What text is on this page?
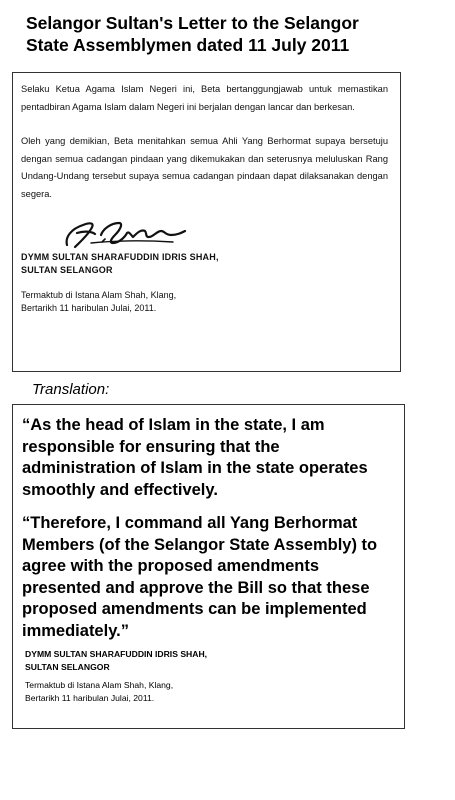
Selangor Sultan's Letter to the Selangor
State Assemblymen dated 11 July 2011

Selaku Ketua Agama Islam Negeri ini, Beta bertanggungjawab untuk memastikan pentadbiran Agama Islam dalam Negeri ini berjalan dengan lancar dan berkesan.

Oleh yang demikian, Beta menitahkan semua Ahli Yang Berhormat supaya bersetuju dengan semua cadangan pindaan yang dikemukakan dan seterusnya meluluskan Rang Undang-Undang tersebut supaya semua cadangan pindaan dapat dilaksanakan dengan segera.

DYMM SULTAN SHARAFUDDIN IDRIS SHAH,

SULTAN SELANGOR

Termaktub di Istana Alam Shah, Klang,
Bertarikh 11 haribulan Julai, 2011.

Translation:

“As the head of Islam in the state, I am responsible for ensuring that the administration of Islam in the state operates smoothly and effectively.

“Therefore, I command all Yang Berhormat Members (of the Selangor State Assembly) to agree with the proposed amendments presented and approve the Bill so that these proposed amendments can be implemented immediately.”

DYMM SULTAN SHARAFUDDIN IDRIS SHAH,
SULTAN SELANGOR

Termaktub di Istana Alam Shah, Klang,
Bertarikh 11 haribulan Julai, 2011.
